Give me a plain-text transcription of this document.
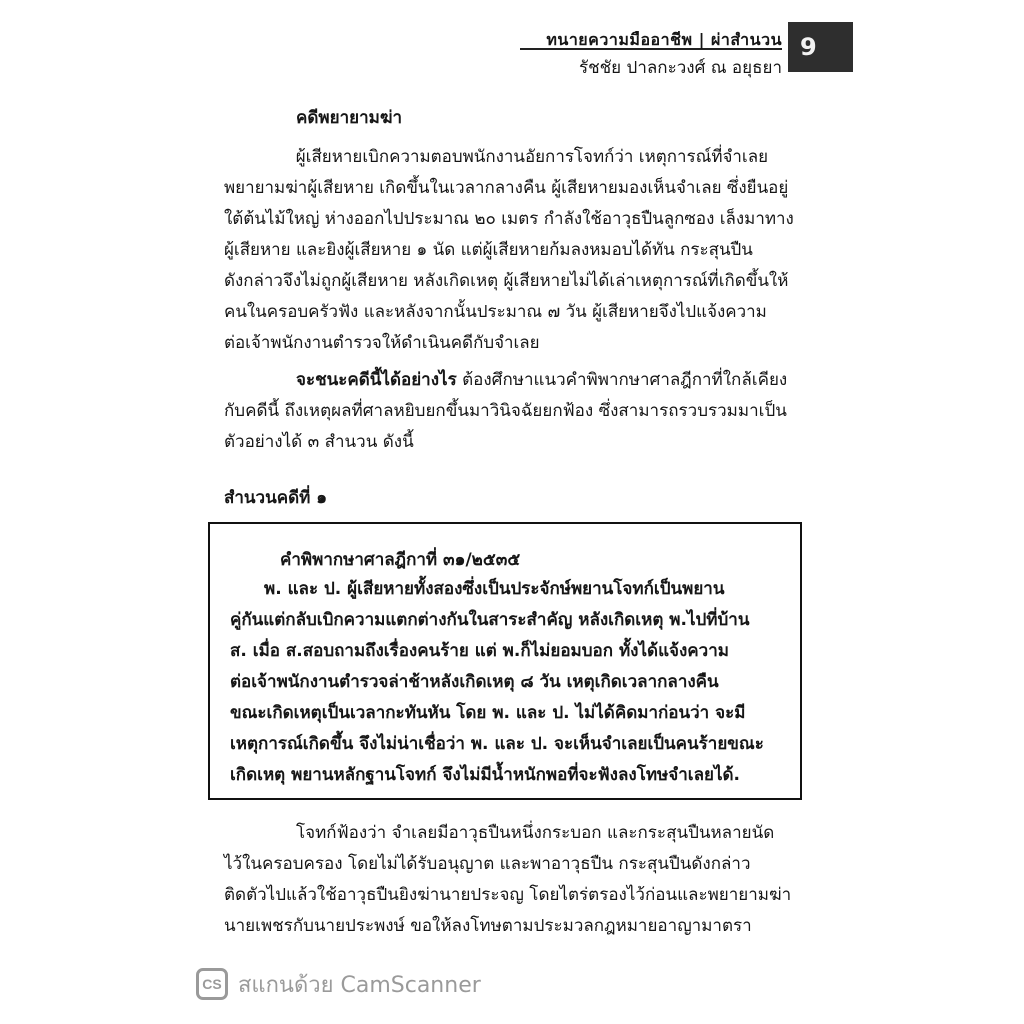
ทนายความมืออาชีพ | ผ่าสำนวน
รัชชัย ปาลกะวงศ์ ณ อยุธยา
9
คดีพยายามฆ่า
ผู้เสียหายเบิกความตอบพนักงานอัยการโจทก์ว่า เหตุการณ์ที่จำเลย
พยายามฆ่าผู้เสียหาย เกิดขึ้นในเวลากลางคืน ผู้เสียหายมองเห็นจำเลย ซึ่งยืนอยู่
ใต้ต้นไม้ใหญ่ ห่างออกไปประมาณ ๒๐ เมตร กำลังใช้อาวุธปืนลูกซอง เล็งมาทาง
ผู้เสียหาย และยิงผู้เสียหาย ๑ นัด แต่ผู้เสียหายก้มลงหมอบได้ทัน กระสุนปืน
ดังกล่าวจึงไม่ถูกผู้เสียหาย หลังเกิดเหตุ ผู้เสียหายไม่ได้เล่าเหตุการณ์ที่เกิดขึ้นให้
คนในครอบครัวฟัง และหลังจากนั้นประมาณ ๗ วัน ผู้เสียหายจึงไปแจ้งความ
ต่อเจ้าพนักงานตำรวจให้ดำเนินคดีกับจำเลย
จะชนะคดีนี้ได้อย่างไร ต้องศึกษาแนวคำพิพากษาศาลฎีกาที่ใกล้เคียง
กับคดีนี้ ถึงเหตุผลที่ศาลหยิบยกขึ้นมาวินิจฉัยยกฟ้อง ซึ่งสามารถรวบรวมมาเป็น
ตัวอย่างได้ ๓ สำนวน ดังนี้
สำนวนคดีที่ ๑
คำพิพากษาศาลฎีกาที่ ๓๑/๒๕๓๕
พ. และ ป. ผู้เสียหายทั้งสองซึ่งเป็นประจักษ์พยานโจทก์เป็นพยาน
คู่กันแต่กลับเบิกความแตกต่างกันในสาระสำคัญ หลังเกิดเหตุ พ.ไปที่บ้าน
ส. เมื่อ ส.สอบถามถึงเรื่องคนร้าย แต่ พ.ก็ไม่ยอมบอก ทั้งได้แจ้งความ
ต่อเจ้าพนักงานตำรวจล่าช้าหลังเกิดเหตุ ๘ วัน เหตุเกิดเวลากลางคืน
ขณะเกิดเหตุเป็นเวลากะทันหัน โดย พ. และ ป. ไม่ได้คิดมาก่อนว่า จะมี
เหตุการณ์เกิดขึ้น จึงไม่น่าเชื่อว่า พ. และ ป. จะเห็นจำเลยเป็นคนร้ายขณะ
เกิดเหตุ พยานหลักฐานโจทก์ จึงไม่มีน้ำหนักพอที่จะฟังลงโทษจำเลยได้.
โจทก์ฟ้องว่า จำเลยมีอาวุธปืนหนึ่งกระบอก และกระสุนปืนหลายนัด
ไว้ในครอบครอง โดยไม่ได้รับอนุญาต และพาอาวุธปืน กระสุนปืนดังกล่าว
ติดตัวไปแล้วใช้อาวุธปืนยิงฆ่านายประจญ โดยไตร่ตรองไว้ก่อนและพยายามฆ่า
นายเพชรกับนายประพงษ์ ขอให้ลงโทษตามประมวลกฎหมายอาญามาตรา
CS สแกนด้วย CamScanner
